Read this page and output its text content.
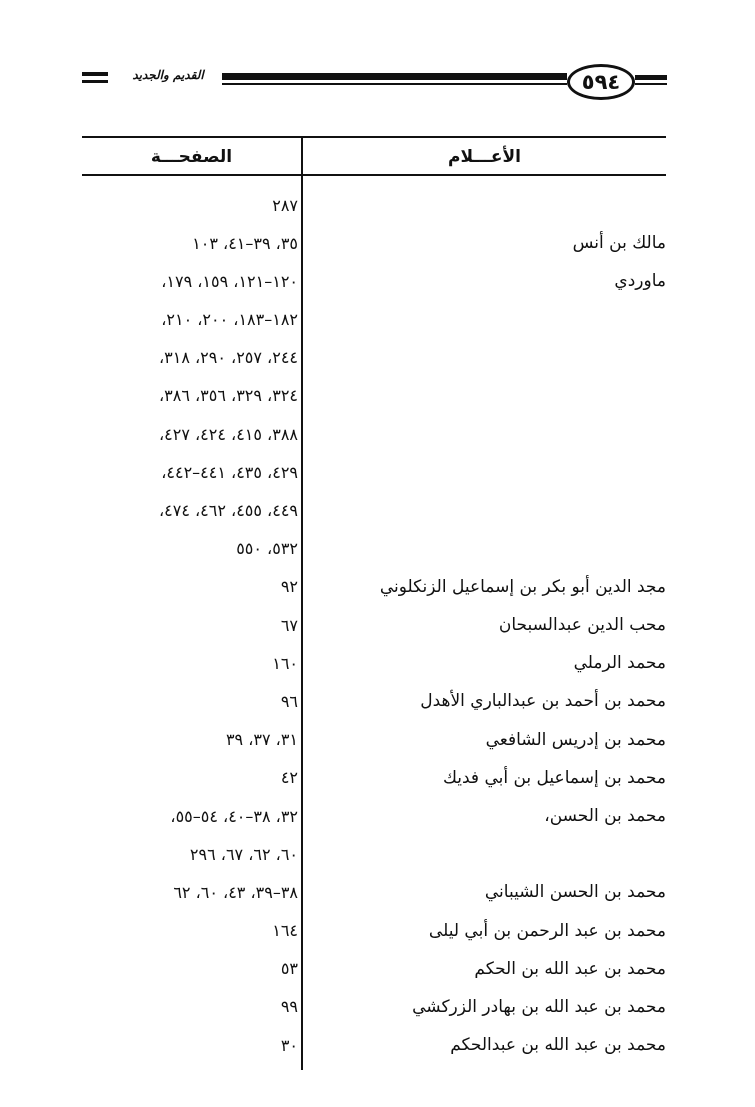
القديم والجديد	٥٩٤
الأعـــلام
الصفحـــة
٢٨٧
مالك بن أنس
٣٥، ٣٩–٤١، ١٠٣
ماوردي
١٢٠–١٢١، ١٥٩، ١٧٩،
١٨٢–١٨٣، ٢٠٠، ٢١٠،
٢٤٤، ٢٥٧، ٢٩٠، ٣١٨،
٣٢٤، ٣٢٩، ٣٥٦، ٣٨٦،
٣٨٨، ٤١٥، ٤٢٤، ٤٢٧،
٤٢٩، ٤٣٥، ٤٤١–٤٤٢،
٤٤٩، ٤٥٥، ٤٦٢، ٤٧٤،
٥٣٢، ٥٥٠
مجد الدين أبو بكر بن إسماعيل الزنكلوني
٩٢
محب الدين عبدالسبحان
٦٧
محمد الرملي
١٦٠
محمد بن أحمد بن عبدالباري الأهدل
٩٦
محمد بن إدريس الشافعي
٣١، ٣٧، ٣٩
محمد بن إسماعيل بن أبي فديك
٤٢
محمد بن الحسن،
٣٢، ٣٨–٤٠، ٥٤–٥٥،
٦٠، ٦٢، ٦٧، ٢٩٦
محمد بن الحسن الشيباني
٣٨–٣٩، ٤٣، ٦٠، ٦٢
محمد بن عبد الرحمن بن أبي ليلى
١٦٤
محمد بن عبد الله بن الحكم
٥٣
محمد بن عبد الله بن بهادر الزركشي
٩٩
محمد بن عبد الله بن عبدالحكم
٣٠
